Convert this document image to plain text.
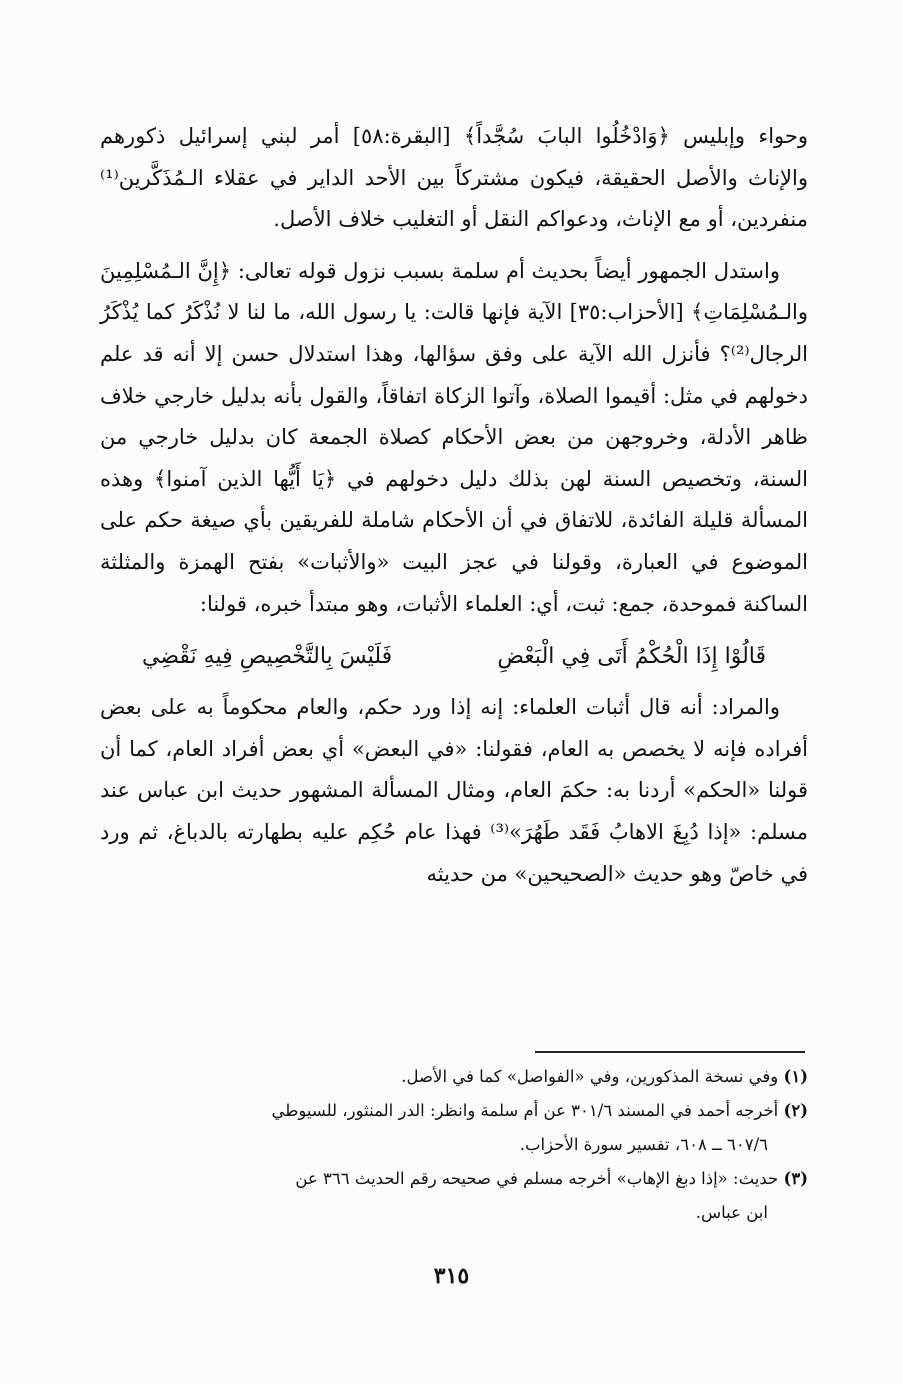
وحواء وإبليس ﴿وَادْخُلُوا البابَ سُجَّداً﴾ [البقرة:٥٨] أمر لبني إسرائيل ذكورهم والإناث والأصل الحقيقة، فيكون مشتركاً بين الأحد الداير في عقلاء الـمُذَكَّرين⁽¹⁾ منفردين، أو مع الإناث، ودعواكم النقل أو التغليب خلاف الأصل.

واستدل الجمهور أيضاً بحديث أم سلمة بسبب نزول قوله تعالى: ﴿إِنَّ الـمُسْلِمِينَ والـمُسْلِمَاتِ﴾ [الأحزاب:٣٥] الآية فإنها قالت: يا رسول الله، ما لنا لا نُذْكَرُ كما يُذْكَرُ الرجال⁽²⁾؟ فأنزل الله الآية على وفق سؤالها، وهذا استدلال حسن إلا أنه قد علم دخولهم في مثل: أقيموا الصلاة، وآتوا الزكاة اتفاقاً، والقول بأنه بدليل خارجي خلاف ظاهر الأدلة، وخروجهن من بعض الأحكام كصلاة الجمعة كان بدليل خارجي من السنة، وتخصيص السنة لهن بذلك دليل دخولهم في ﴿يَا أَيُّها الذين آمنوا﴾ وهذه المسألة قليلة الفائدة، للاتفاق في أن الأحكام شاملة للفريقين بأي صيغة حكم على الموضوع في العبارة، وقولنا في عجز البيت «والأثبات» بفتح الهمزة والمثلثة الساكنة فموحدة، جمع: ثبت، أي: العلماء الأثبات، وهو مبتدأ خبره، قولنا:

قَالُوْا إِذَا الْحُكْمُ أَتَى فِي الْبَعْضِ
فَلَيْسَ بِالتَّخْصِيصِ فِيهِ نَقْضِي

والمراد: أنه قال أثبات العلماء: إنه إذا ورد حكم، والعام محكوماً به على بعض أفراده فإنه لا يخصص به العام، فقولنا: «في البعض» أي بعض أفراد العام، كما أن قولنا «الحكم» أردنا به: حكمَ العام، ومثال المسألة المشهور حديث ابن عباس عند مسلم: «إذا دُبِغَ الاهابُ فَقَد طَهُرَ»⁽³⁾ فهذا عام حُكِم عليه بطهارته بالدباغ، ثم ورد في خاصّ وهو حديث «الصحيحين» من حديثه

(١) وفي نسخة المذكورين، وفي «الفواصل» كما في الأصل.

(٢) أخرجه أحمد في المسند ٣٠١/٦ عن أم سلمة وانظر: الدر المنثور، للسيوطي

٦٠٧/٦ ــ ٦٠٨، تفسير سورة الأحزاب.

(٣) حديث: «إذا دبغ الإهاب» أخرجه مسلم في صحيحه رقم الحديث ٣٦٦ عن

ابن عباس.

٣١٥
